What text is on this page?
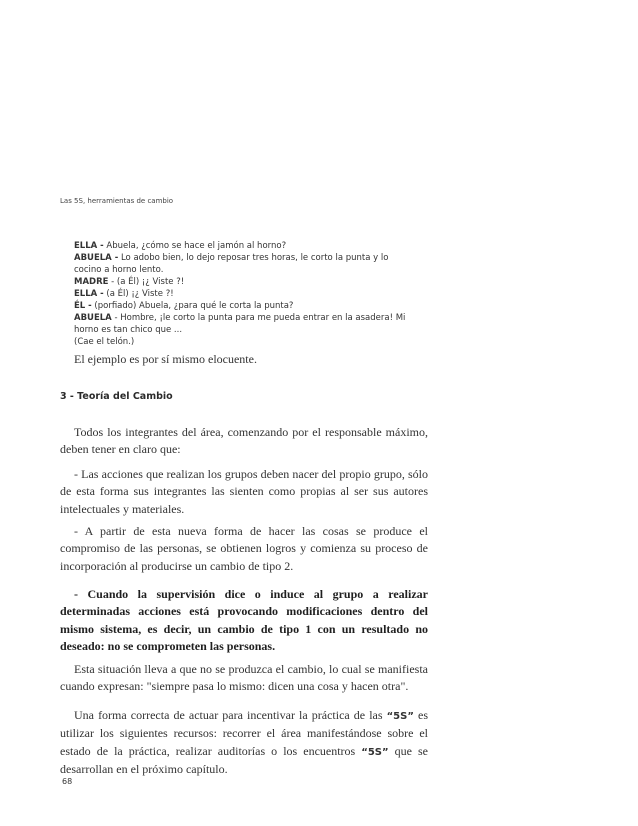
Las 5S, herramientas de cambio
ELLA - Abuela, ¿cómo se hace el jamón al horno?
ABUELA - Lo adobo bien, lo dejo reposar tres horas, le corto la punta y lo
cocino a horno lento.
MADRE - (a Él) ¡¿ Viste ?!
ELLA - (a Él) ¡¿ Viste ?!
ÉL - (porfiado) Abuela, ¿para qué le corta la punta?
ABUELA - Hombre, ¡le corto la punta para me pueda entrar en la asadera! Mi
horno es tan chico que ...
(Cae el telón.)
El ejemplo es por sí mismo elocuente.
3 - Teoría del Cambio
Todos los integrantes del área, comenzando por el responsable máximo, deben tener en claro que:
- Las acciones que realizan los grupos deben nacer del propio grupo, sólo de esta forma sus integrantes las sienten como propias al ser sus autores intelectuales y materiales.
- A partir de esta nueva forma de hacer las cosas se produce el compromiso de las personas, se obtienen logros y comienza su proceso de incorporación al producirse un cambio de tipo 2.
- Cuando la supervisión dice o induce al grupo a realizar determinadas acciones está provocando modificaciones dentro del mismo sistema, es decir, un cambio de tipo 1 con un resultado no deseado: no se comprometen las personas.
Esta situación lleva a que no se produzca el cambio, lo cual se manifiesta cuando expresan: "siempre pasa lo mismo: dicen una cosa y hacen otra".
Una forma correcta de actuar para incentivar la práctica de las “5S” es utilizar los siguientes recursos: recorrer el área manifestándose sobre el estado de la práctica, realizar auditorías o los encuentros “5S” que se desarrollan en el próximo capítulo.
68
